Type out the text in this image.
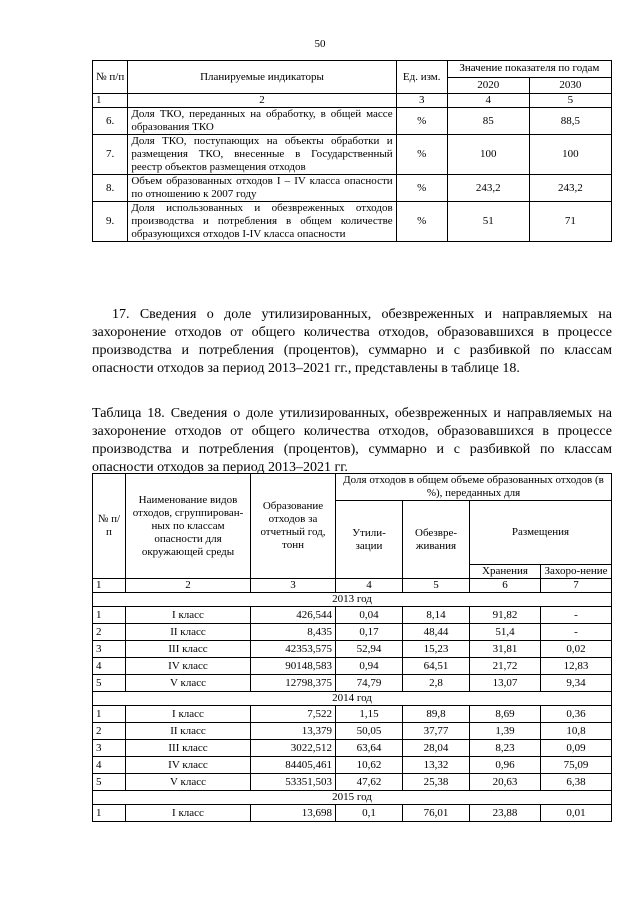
50
№ п/п	Планируемые индикаторы	Ед. изм.	Значение показателя по годам	
			2020	2030
1	2	3	4	5
6.	Доля ТКО, переданных на обработку, в общей массе образования ТКО	%	85	88,5
7.	Доля ТКО, поступающих на объекты обработки и размещения ТКО, внесенные в Государственный реестр объектов размещения отходов	%	100	100
8.	Объем образованных отходов I – IV класса опасности по отношению к 2007 году	%	243,2	243,2
9.	Доля использованных и обезвреженных отходов производства и потребления в общем количестве образующихся отходов I-IV класса опасности	%	51	71
17. Сведения о доле утилизированных, обезвреженных и направляемых на захоронение отходов от общего количества отходов, образовавшихся в процессе производства и потребления (процентов), суммарно и с разбивкой по классам опасности отходов за период 2013–2021 гг., представлены в таблице 18.
Таблица 18. Сведения о доле утилизированных, обезвреженных и направляемых на захоронение отходов от общего количества отходов, образовавшихся в процессе производства и потребления (процентов), суммарно и с разбивкой по классам опасности отходов за период 2013–2021 гг.
№ п/п	Наименование видов отходов, сгруппирован-ных по классам опасности для окружающей среды	Образование отходов за отчетный год, тонн	Доля отходов в общем объеме образованных отходов (в %), переданных для			
			Утили-зации	Обезвре-живания	Размещения	
					Хранения	Захоро-нение
1	2	3	4	5	6	7
2013 год						
1	I класс	426,544	0,04	8,14	91,82	-
2	II класс	8,435	0,17	48,44	51,4	-
3	III класс	42353,575	52,94	15,23	31,81	0,02
4	IV класс	90148,583	0,94	64,51	21,72	12,83
5	V класс	12798,375	74,79	2,8	13,07	9,34
2014 год						
1	I класс	7,522	1,15	89,8	8,69	0,36
2	II класс	13,379	50,05	37,77	1,39	10,8
3	III класс	3022,512	63,64	28,04	8,23	0,09
4	IV класс	84405,461	10,62	13,32	0,96	75,09
5	V класс	53351,503	47,62	25,38	20,63	6,38
2015 год						
1	I класс	13,698	0,1	76,01	23,88	0,01
